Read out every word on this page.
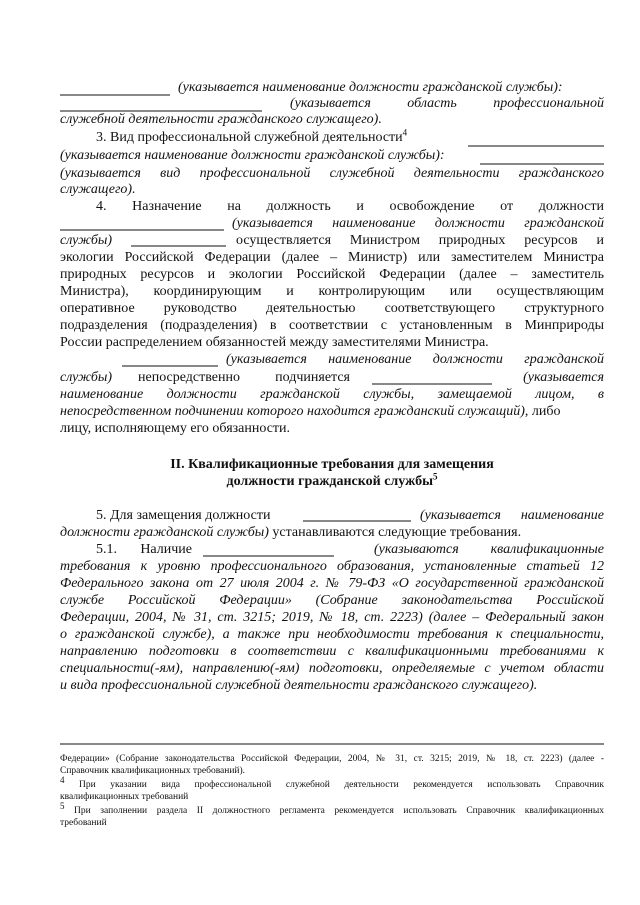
(указывается наименование должности гражданской службы):
(указывается область профессиональной
служебной деятельности гражданского служащего).
3. Вид профессиональной служебной деятельности$^4$
(указывается наименование должности гражданской службы):
(указывается вид профессиональной служебной деятельности гражданского
служащего).
4. Назначение на должность и освобождение от должности
(указывается наименование должности гражданской
службы)	осуществляется Министром природных ресурсов и
экологии Российской Федерации (далее – Министр) или заместителем Министра
природных ресурсов и экологии Российской Федерации (далее – заместитель
Министра), координирующим и контролирующим или осуществляющим
оперативное руководство деятельностью соответствующего структурного
подразделения (подразделения) в соответствии с установленным в Минприроды
России распределением обязанностей между заместителями Министра.
(указывается наименование должности гражданской
службы) непосредственно подчиняется	(указывается
наименование должности гражданской службы, замещаемой лицом, в
непосредственном подчинении которого находится гражданский служащий), либо
лицу, исполняющему его обязанности.
II. Квалификационные требования для замещения
должности гражданской службы$^5$
5. Для замещения должности	(указывается наименование
должности гражданской службы) устанавливаются следующие требования.
5.1. Наличие	(указываются квалификационные
требования к уровню профессионального образования, установленные статьей 12
Федерального закона от 27 июля 2004 г. № 79-ФЗ «О государственной гражданской
службе Российской Федерации» (Собрание законодательства Российской
Федерации, 2004, № 31, ст. 3215; 2019, № 18, ст. 2223) (далее – Федеральный закон
о гражданской службе), а также при необходимости требования к специальности,
направлению подготовки в соответствии с квалификационными требованиями к
специальности(-ям), направлению(-ям) подготовки, определяемые с учетом области
и вида профессиональной служебной деятельности гражданского служащего).
Федерации» (Собрание законодательства Российской Федерации, 2004, № 31, ст. 3215; 2019, № 18, ст. 2223) (далее -
Справочник квалификационных требований).
$^4$ При указании вида профессиональной служебной деятельности рекомендуется использовать Справочник
квалификационных требований
$^5$ При заполнении раздела II должностного регламента рекомендуется использовать Справочник квалификационных
требований
